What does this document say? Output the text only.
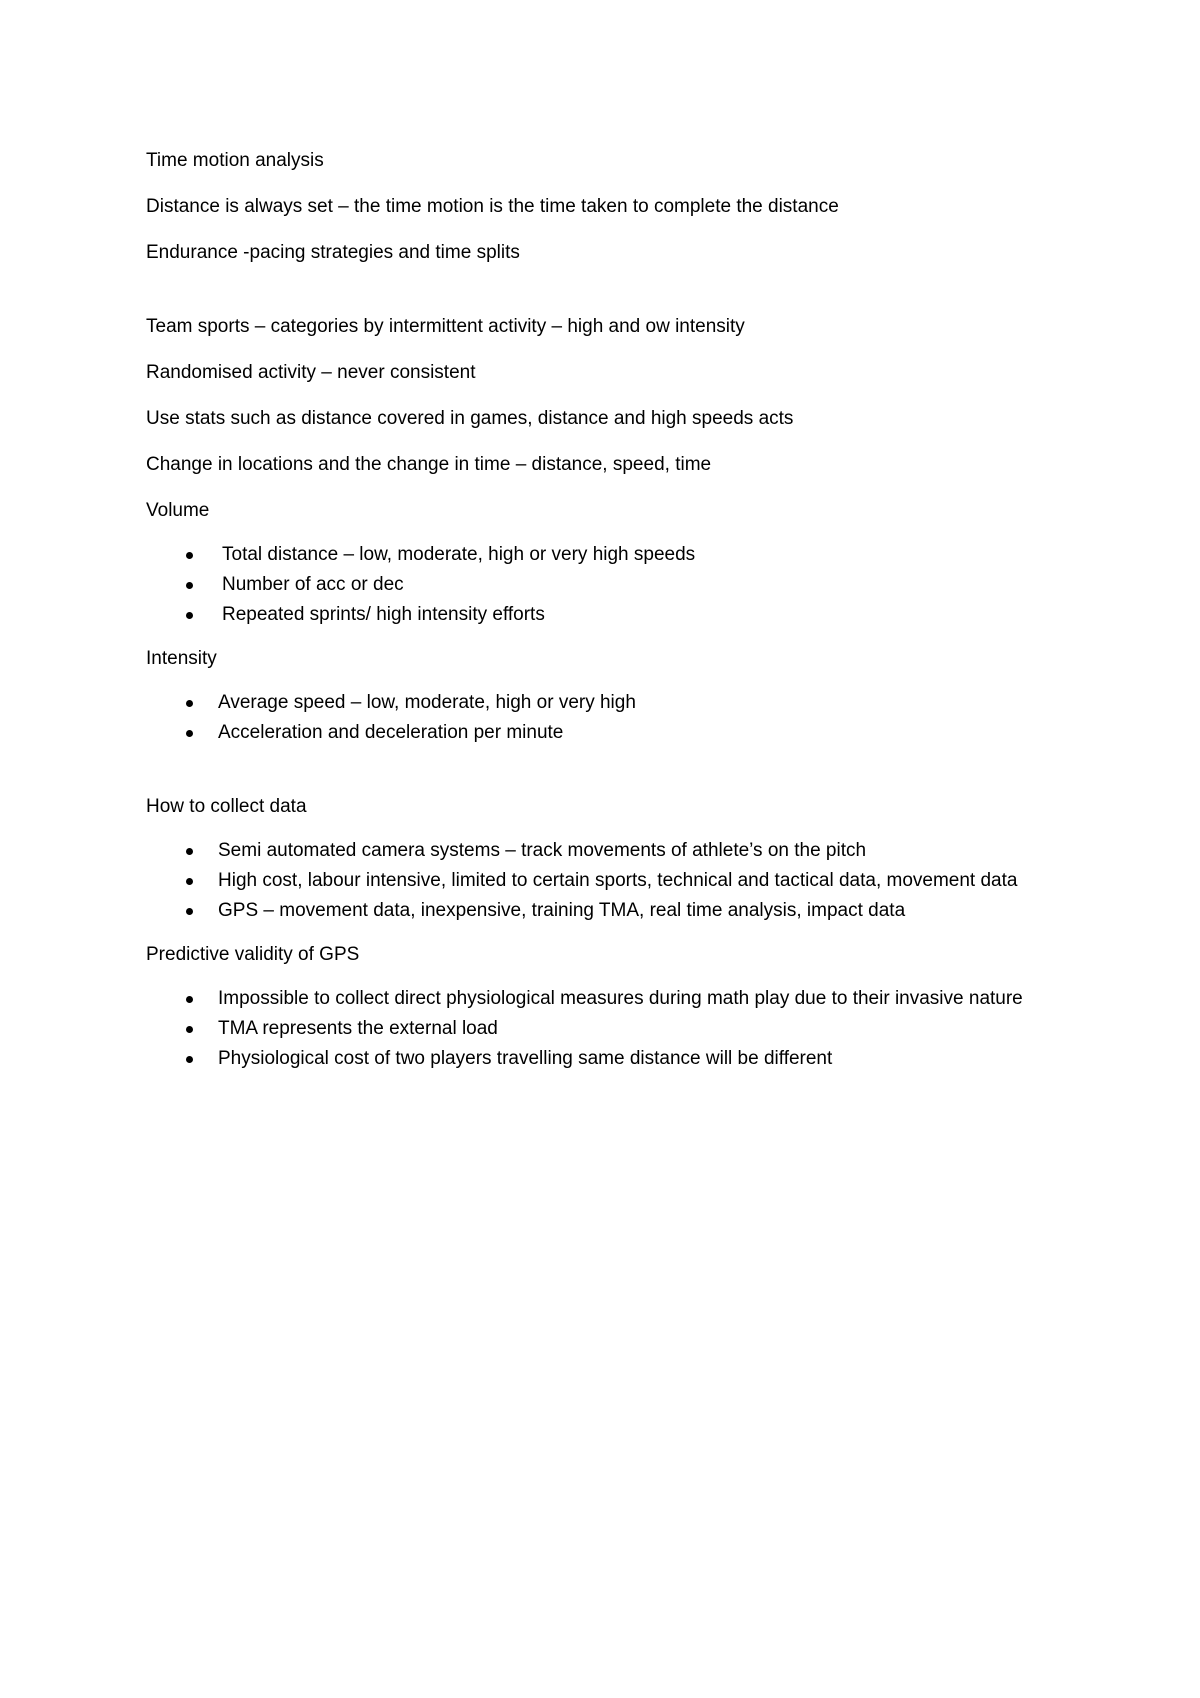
Time motion analysis

Distance is always set – the time motion is the time taken to complete the distance

Endurance -pacing strategies and time splits

Team sports – categories by intermittent activity – high and ow intensity

Randomised activity – never consistent

Use stats such as distance covered in games, distance and high speeds acts

Change in locations and the change in time – distance, speed, time

Volume

Total distance – low, moderate, high or very high speeds
Number of acc or dec
Repeated sprints/ high intensity efforts

Intensity

Average speed – low, moderate, high or very high
Acceleration and deceleration per minute

How to collect data

Semi automated camera systems – track movements of athlete’s on the pitch
High cost, labour intensive, limited to certain sports, technical and tactical data, movement data
GPS – movement data, inexpensive, training TMA, real time analysis, impact data

Predictive validity of GPS

Impossible to collect direct physiological measures during math play due to their invasive nature
TMA represents the external load
Physiological cost of two players travelling same distance will be different
